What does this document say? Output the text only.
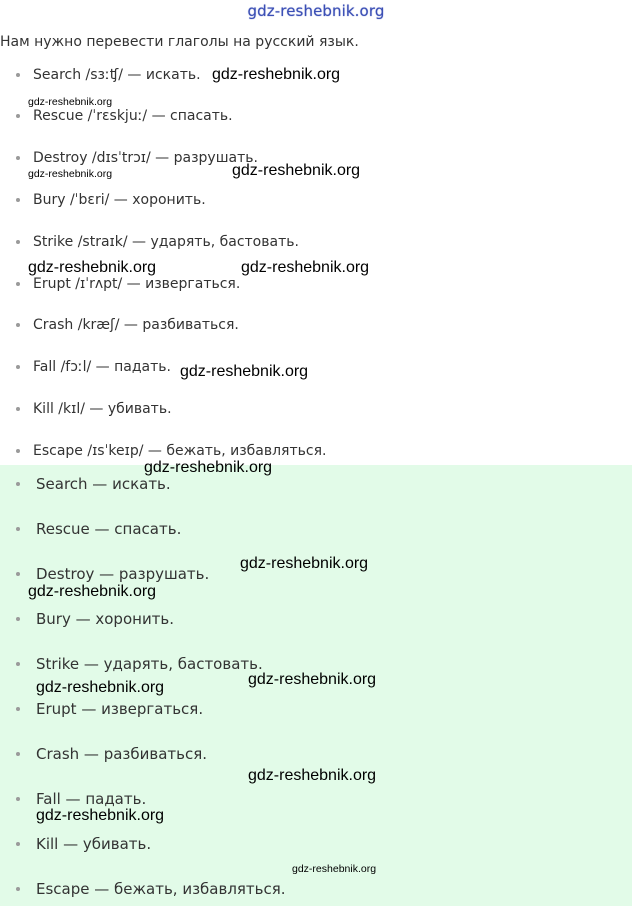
gdz-reshebnik.org
Нам нужно перевести глаголы на русский язык.
Search /sɜːʧ/ — искать.
Rescue /ˈrɛskjuː/ — спасать.
Destroy /dɪsˈtrɔɪ/ — разрушать.
Bury /ˈbɛri/ — хоронить.
Strike /straɪk/ — ударять, бастовать.
Erupt /ɪˈrʌpt/ — извергаться.
Crash /kræʃ/ — разбиваться.
Fall /fɔːl/ — падать.
Kill /kɪl/ — убивать.
Escape /ɪsˈkeɪp/ — бежать, избавляться.
Search — искать.
Rescue — спасать.
Destroy — разрушать.
Bury — хоронить.
Strike — ударять, бастовать.
Erupt — извергаться.
Crash — разбиваться.
Fall — падать.
Kill — убивать.
Escape — бежать, избавляться.
gdz-reshebnik.org
gdz-reshebnik.org
gdz-reshebnik.org	gdz-reshebnik.org
gdz-reshebnik.org	gdz-reshebnik.org
gdz-reshebnik.org
gdz-reshebnik.org
gdz-reshebnik.org
gdz-reshebnik.org
gdz-reshebnik.org
gdz-reshebnik.org
gdz-reshebnik.org
gdz-reshebnik.org
gdz-reshebnik.org
